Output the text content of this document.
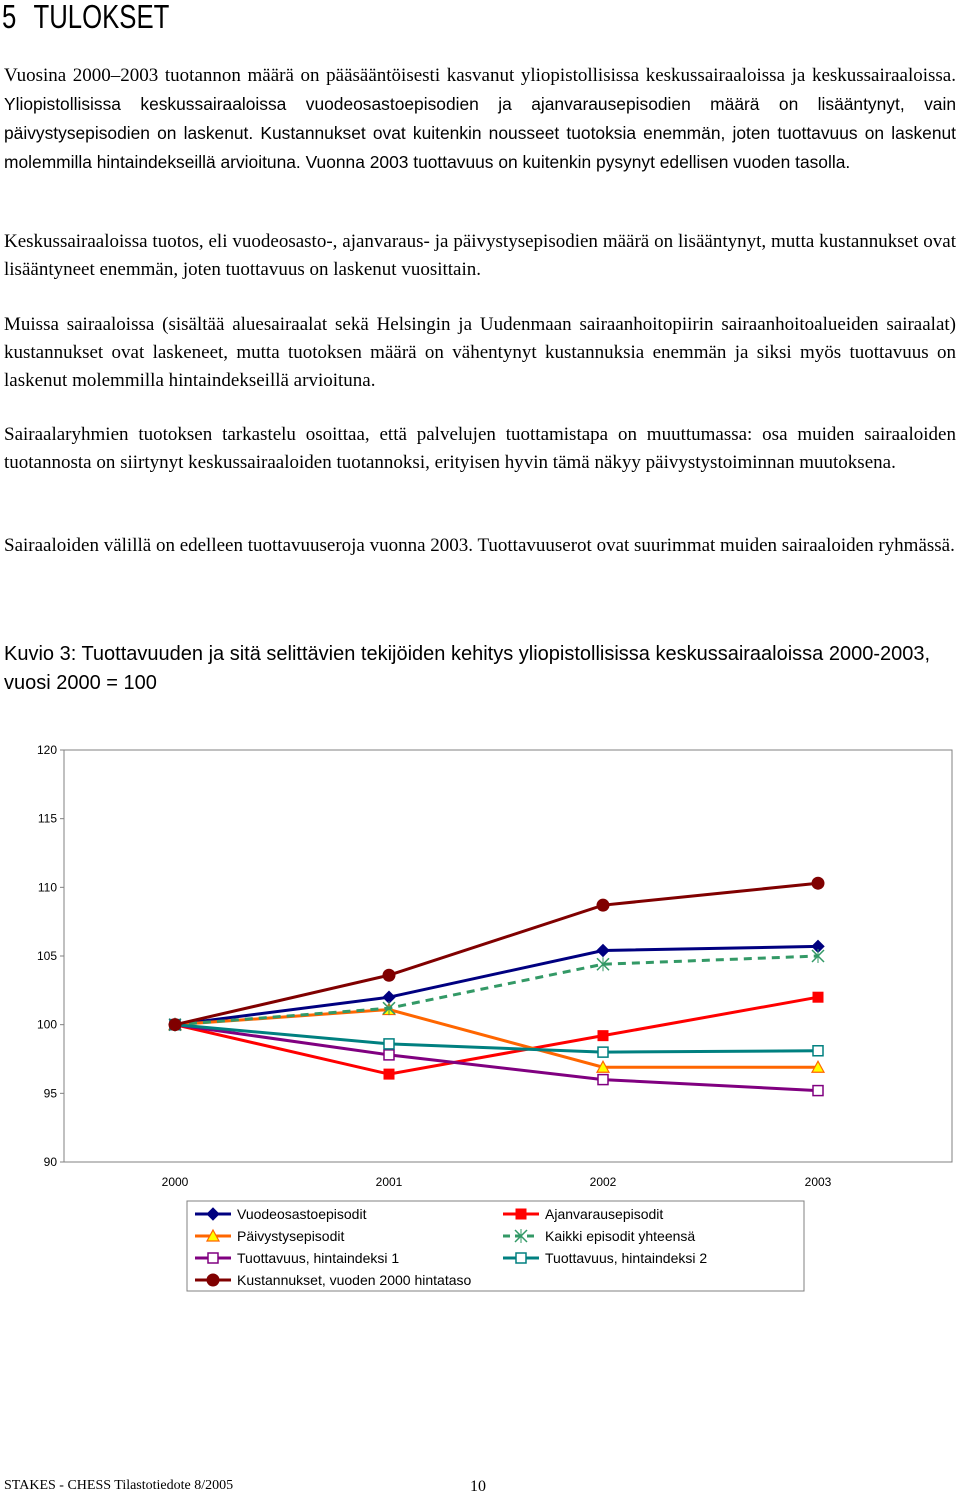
5 TULOKSET

Vuosina 2000–2003 tuotannon määrä on pääsääntöisesti kasvanut yliopistollisissa keskussairaaloissa ja keskussairaaloissa. Yliopistollisissa keskussairaaloissa vuodeosastoepisodien ja ajanvarausepisodien määrä on lisääntynyt, vain päivystysepisodien on laskenut. Kustannukset ovat kuitenkin nousseet tuotoksia enemmän, joten tuottavuus on laskenut molemmilla hintaindekseillä arvioituna. Vuonna 2003 tuottavuus on kuitenkin pysynyt edellisen vuoden tasolla.

Keskussairaaloissa tuotos, eli vuodeosasto-, ajanvaraus- ja päivystysepisodien määrä on lisääntynyt, mutta kustannukset ovat lisääntyneet enemmän, joten tuottavuus on laskenut vuosittain.

Muissa sairaaloissa (sisältää aluesairaalat sekä Helsingin ja Uudenmaan sairaanhoitopiirin sairaanhoitoalueiden sairaalat) kustannukset ovat laskeneet, mutta tuotoksen määrä on vähentynyt kustannuksia enemmän ja siksi myös tuottavuus on laskenut molemmilla hintaindekseillä arvioituna.

Sairaalaryhmien tuotoksen tarkastelu osoittaa, että palvelujen tuottamistapa on muuttumassa: osa muiden sairaaloiden tuotannosta on siirtynyt keskussairaaloiden tuotannoksi, erityisen hyvin tämä näkyy päivystystoiminnan muutoksena.

Sairaaloiden välillä on edelleen tuottavuuseroja vuonna 2003. Tuottavuuserot ovat suurimmat muiden sairaaloiden ryhmässä.

Kuvio 3: Tuottavuuden ja sitä selittävien tekijöiden kehitys yliopistollisissa keskussairaaloissa 2000-2003, vuosi 2000 = 100

90
95
100
105
110
115
120
2000	2001	2002	2003
Vuodeosastoepisodit	Ajanvarausepisodit
Päivystysepisodit	Kaikki episodit yhteensä
Tuottavuus, hintaindeksi 1	Tuottavuus, hintaindeksi 2
Kustannukset, vuoden 2000 hintataso

STAKES - CHESS Tilastotiedote 8/2005	10
